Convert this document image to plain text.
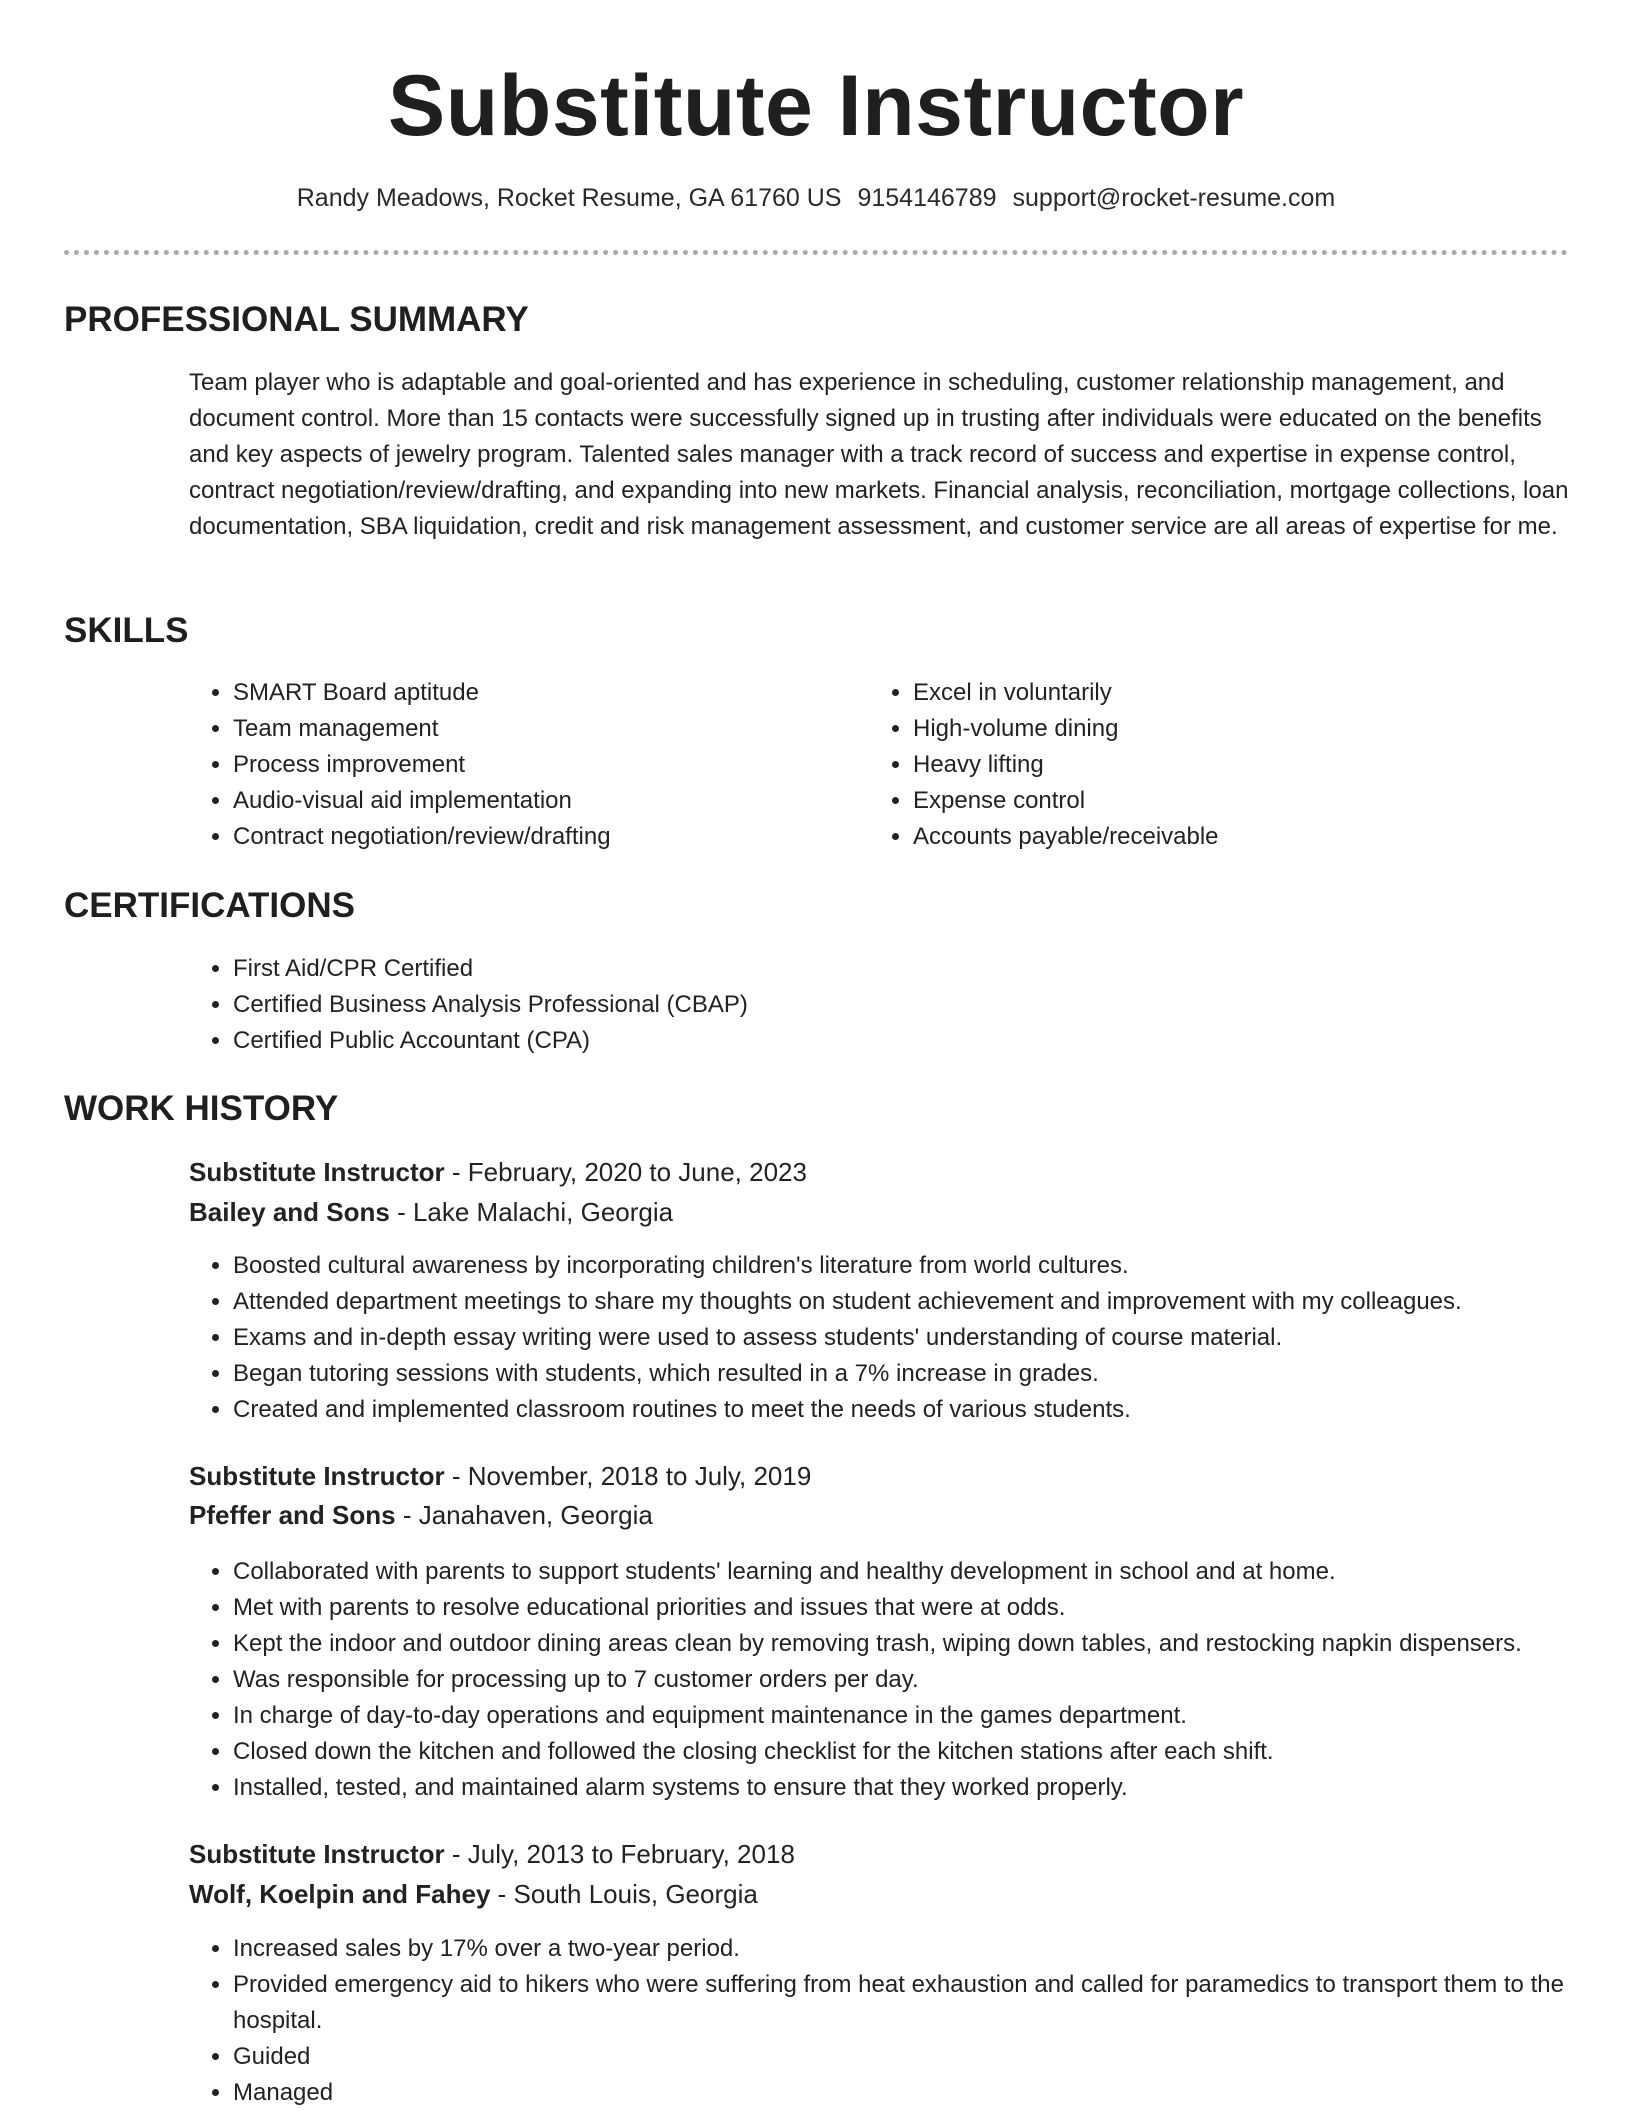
Substitute Instructor
Randy Meadows, Rocket Resume, GA 61760 US 9154146789 support@rocket-resume.com
PROFESSIONAL SUMMARY

Team player who is adaptable and goal-oriented and has experience in scheduling, customer relationship management, and document control. More than 15 contacts were successfully signed up in trusting after individuals were educated on the benefits and key aspects of jewelry program. Talented sales manager with a track record of success and expertise in expense control, contract negotiation/review/drafting, and expanding into new markets. Financial analysis, reconciliation, mortgage collections, loan documentation, SBA liquidation, credit and risk management assessment, and customer service are all areas of expertise for me.

SKILLS
• SMART Board aptitude
• Team management
• Process improvement
• Audio-visual aid implementation
• Contract negotiation/review/drafting
• Excel in voluntarily
• High-volume dining
• Heavy lifting
• Expense control
• Accounts payable/receivable
CERTIFICATIONS
• First Aid/CPR Certified
• Certified Business Analysis Professional (CBAP)
• Certified Public Accountant (CPA)
WORK HISTORY
Substitute Instructor - February, 2020 to June, 2023
Bailey and Sons - Lake Malachi, Georgia
• Boosted cultural awareness by incorporating children's literature from world cultures.
• Attended department meetings to share my thoughts on student achievement and improvement with my colleagues.
• Exams and in-depth essay writing were used to assess students' understanding of course material.
• Began tutoring sessions with students, which resulted in a 7% increase in grades.
• Created and implemented classroom routines to meet the needs of various students.
Substitute Instructor - November, 2018 to July, 2019
Pfeffer and Sons - Janahaven, Georgia
• Collaborated with parents to support students' learning and healthy development in school and at home.
• Met with parents to resolve educational priorities and issues that were at odds.
• Kept the indoor and outdoor dining areas clean by removing trash, wiping down tables, and restocking napkin dispensers.
• Was responsible for processing up to 7 customer orders per day.
• In charge of day-to-day operations and equipment maintenance in the games department.
• Closed down the kitchen and followed the closing checklist for the kitchen stations after each shift.
• Installed, tested, and maintained alarm systems to ensure that they worked properly.
Substitute Instructor - July, 2013 to February, 2018
Wolf, Koelpin and Fahey - South Louis, Georgia
• Increased sales by 17% over a two-year period.
• Provided emergency aid to hikers who were suffering from heat exhaustion and called for paramedics to transport them to the hospital.
• Guided
• Managed
